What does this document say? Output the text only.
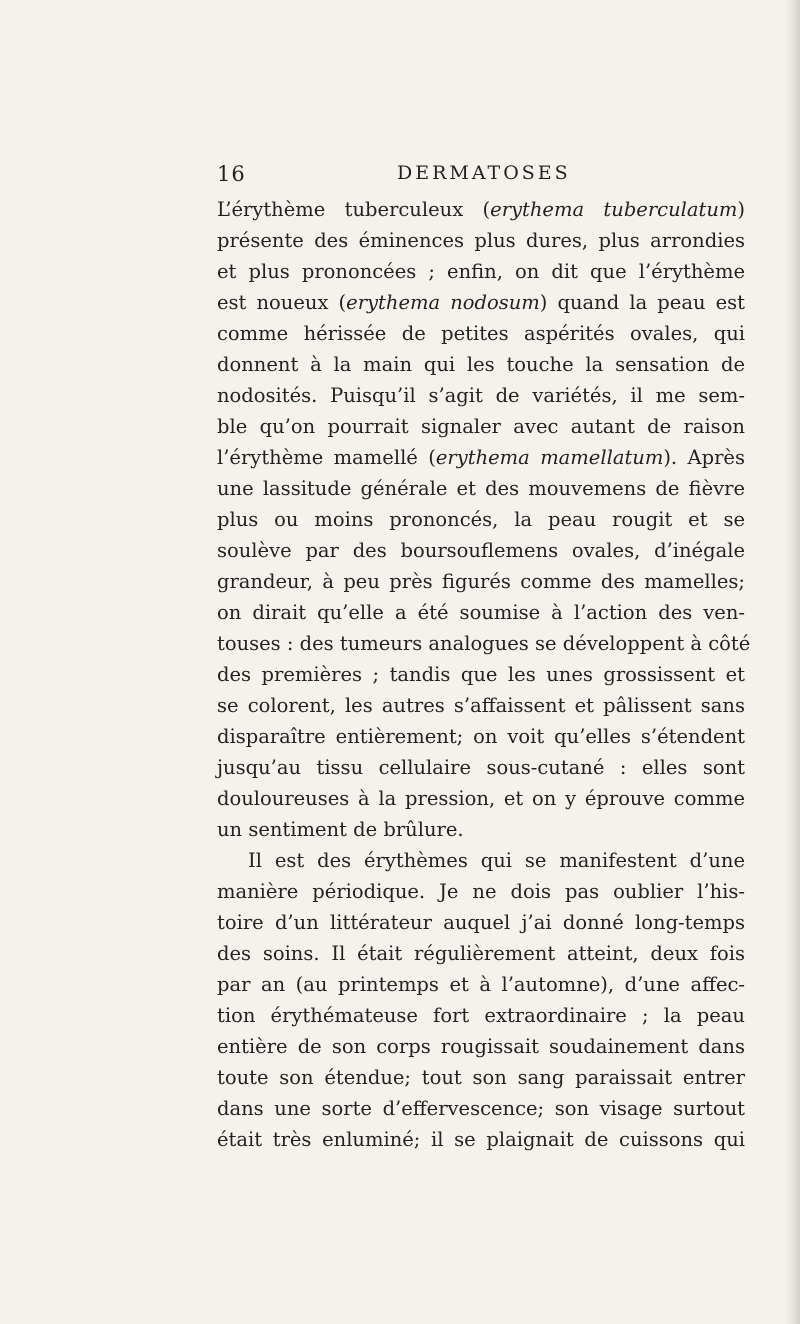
16	DERMATOSES
L’érythème tuberculeux (erythema tuberculatum)
présente des éminences plus dures, plus arrondies
et plus prononcées ; enfin, on dit que l’érythème
est noueux (erythema nodosum) quand la peau est
comme hérissée de petites aspérités ovales, qui
donnent à la main qui les touche la sensation de
nodosités. Puisqu’il s’agit de variétés, il me sem-
ble qu’on pourrait signaler avec autant de raison
l’érythème mamellé (erythema mamellatum). Après
une lassitude générale et des mouvemens de fièvre
plus ou moins prononcés, la peau rougit et se
soulève par des boursouflemens ovales, d’inégale
grandeur, à peu près figurés comme des mamelles;
on dirait qu’elle a été soumise à l’action des ven-
touses : des tumeurs analogues se développent à côté
des premières ; tandis que les unes grossissent et
se colorent, les autres s’affaissent et pâlissent sans
disparaître entièrement; on voit qu’elles s’étendent
jusqu’au tissu cellulaire sous-cutané : elles sont
douloureuses à la pression, et on y éprouve comme
un sentiment de brûlure.
Il est des érythèmes qui se manifestent d’une
manière périodique. Je ne dois pas oublier l’his-
toire d’un littérateur auquel j’ai donné long-temps
des soins. Il était régulièrement atteint, deux fois
par an (au printemps et à l’automne), d’une affec-
tion érythémateuse fort extraordinaire ; la peau
entière de son corps rougissait soudainement dans
toute son étendue; tout son sang paraissait entrer
dans une sorte d’effervescence; son visage surtout
était très enluminé; il se plaignait de cuissons qui
